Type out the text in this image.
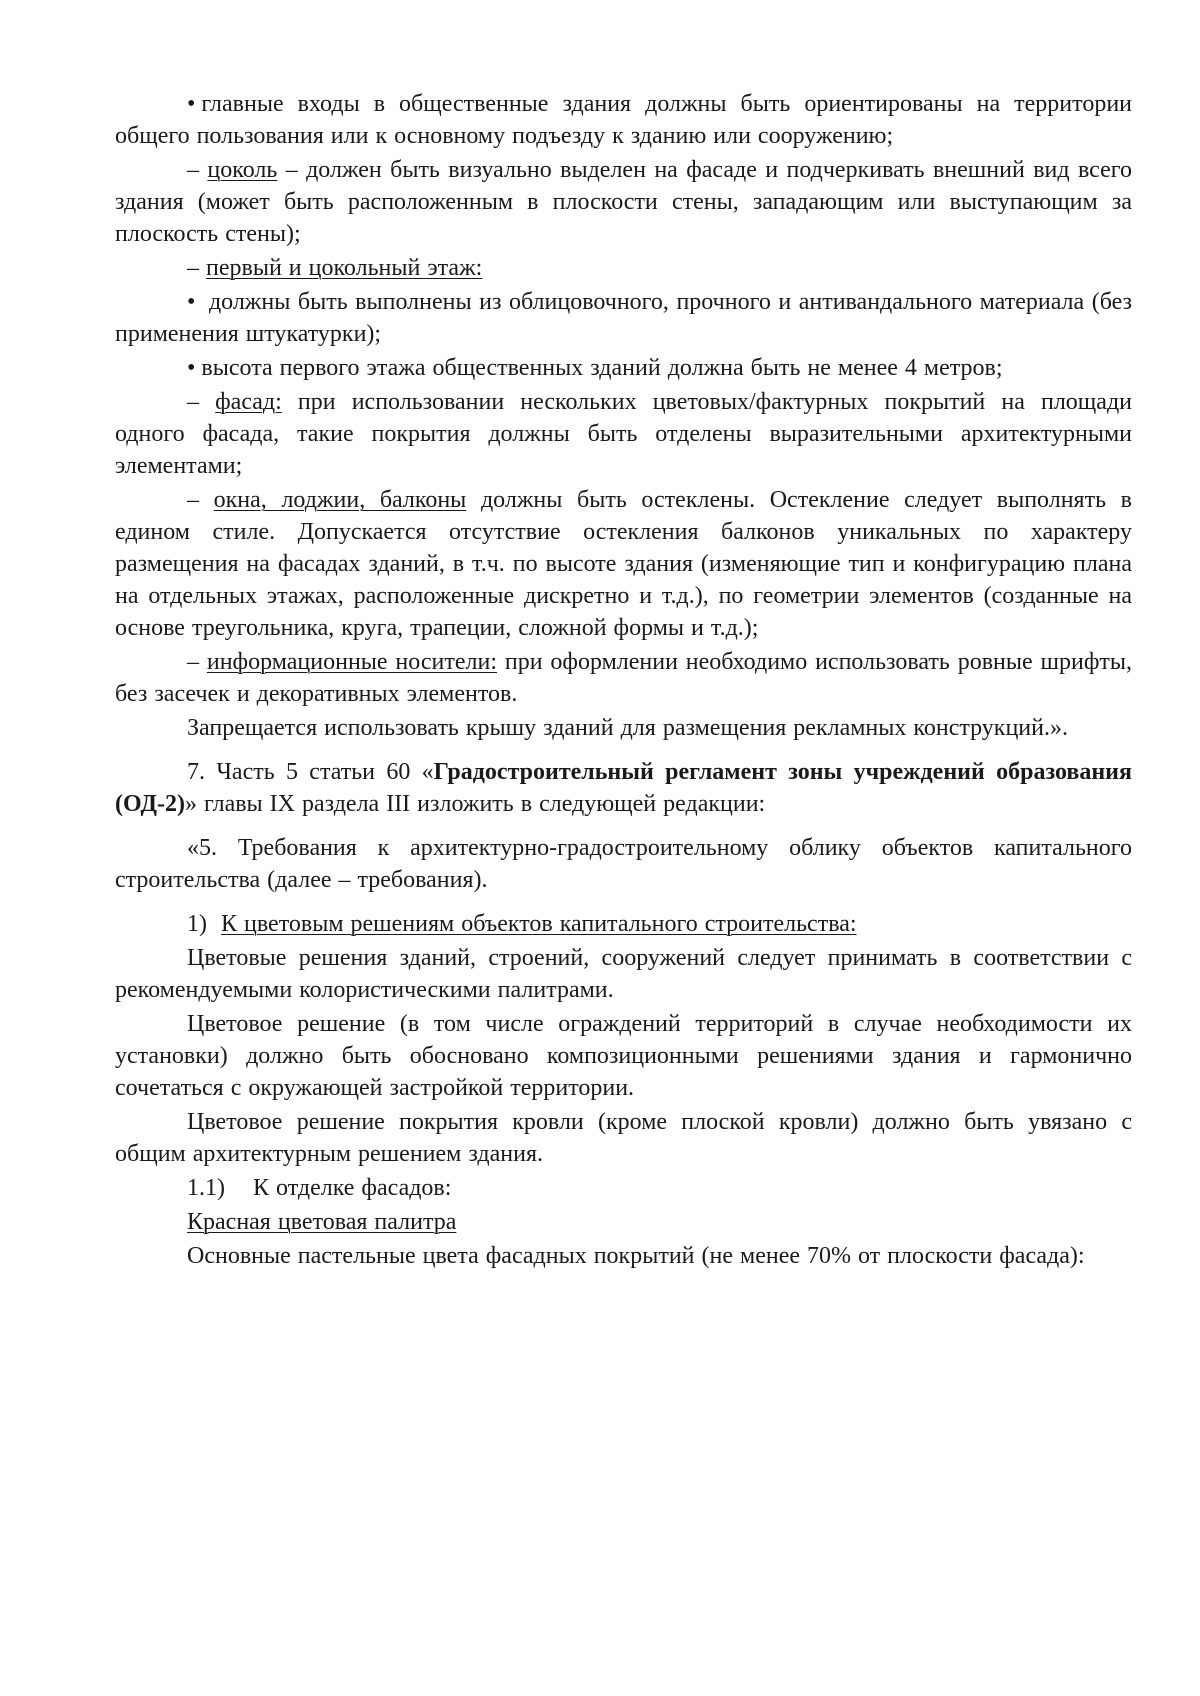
• главные входы в общественные здания должны быть ориентированы на территории общего пользования или к основному подъезду к зданию или сооружению;

– цоколь – должен быть визуально выделен на фасаде и подчеркивать внешний вид всего здания (может быть расположенным в плоскости стены, западающим или выступающим за плоскость стены);

– первый и цокольный этаж:

• должны быть выполнены из облицовочного, прочного и антивандального материала (без применения штукатурки);

• высота первого этажа общественных зданий должна быть не менее 4 метров;

– фасад: при использовании нескольких цветовых/фактурных покрытий на площади одного фасада, такие покрытия должны быть отделены выразительными архитектурными элементами;

– окна, лоджии, балконы должны быть остеклены. Остекление следует выполнять в едином стиле. Допускается отсутствие остекления балконов уникальных по характеру размещения на фасадах зданий, в т.ч. по высоте здания (изменяющие тип и конфигурацию плана на отдельных этажах, расположенные дискретно и т.д.), по геометрии элементов (созданные на основе треугольника, круга, трапеции, сложной формы и т.д.);

– информационные носители: при оформлении необходимо использовать ровные шрифты, без засечек и декоративных элементов.

Запрещается использовать крышу зданий для размещения рекламных конструкций.».

7. Часть 5 статьи 60 «Градостроительный регламент зоны учреждений образования (ОД-2)» главы IX раздела III изложить в следующей редакции:

«5. Требования к архитектурно-градостроительному облику объектов капитального строительства (далее – требования).

1) К цветовым решениям объектов капитального строительства:

Цветовые решения зданий, строений, сооружений следует принимать в соответствии с рекомендуемыми колористическими палитрами.

Цветовое решение (в том числе ограждений территорий в случае необходимости их установки) должно быть обосновано композиционными решениями здания и гармонично сочетаться с окружающей застройкой территории.

Цветовое решение покрытия кровли (кроме плоской кровли) должно быть увязано с общим архитектурным решением здания.

1.1) К отделке фасадов:

Красная цветовая палитра

Основные пастельные цвета фасадных покрытий (не менее 70% от плоскости фасада):
